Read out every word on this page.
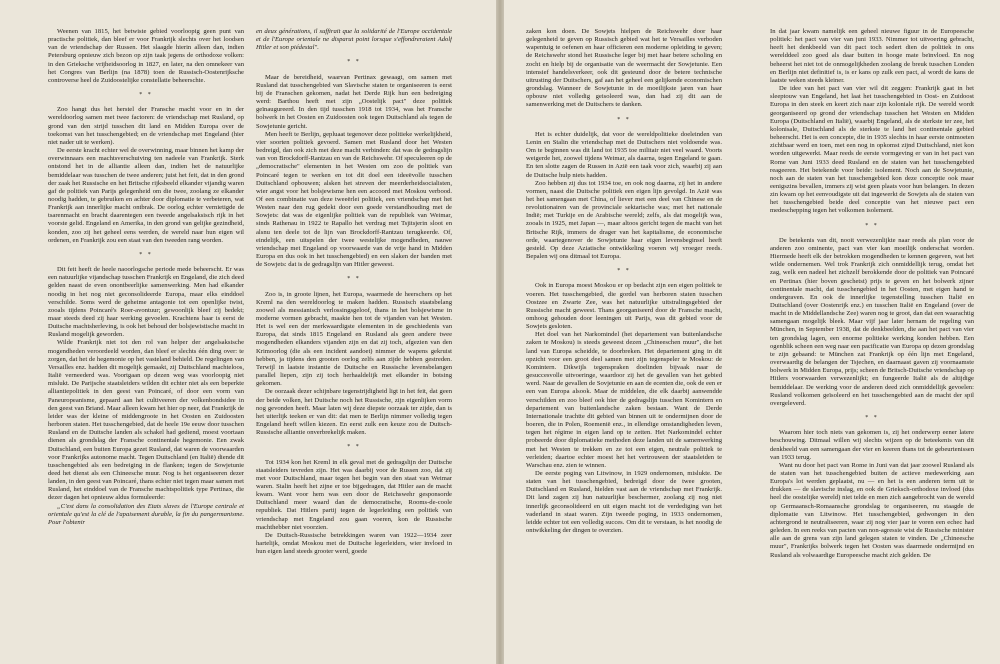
Weenen van 1815, het betwiste gebied voorloopig geen punt van practische politiek, dan bleef er voor Frankrijk slechts over het loodsen van de vriendschap der Russen. Het slaagde hierin alleen dan, indien Petersburg opnieuw zich bezon op zijn taak jegens de orthodoxe volken: in den Grieksche vrijheidsoorlog in 1827, en later, na den omnekeer van het Congres van Berlijn (na 1878) toen de Russisch-Oostenrijksche controverse heel de Zuidoostelijke constellatie beheerschte.

* *

Zoo hangt dus het herstel der Fransche macht voor en in der wereldoorlog samen met twee factoren: de vriendschap met Rusland, op grond van den strijd tusschen dit land en Midden Europa over de toekomst van het tusschengebied; en de vriendschap met Engeland (hier niet nader uit te werken).

De eerste kracht echter wel de overwinning, maar binnen het kamp der overwinnaars een machtsverschuiving ten nadeele van Frankrijk. Sterk ontstond het in de alliantie alleen dan, indien het de natuurlijke bemiddelaar was tusschen de twee anderen; juist het feit, dat in den grond der zaak het Russische en het Britsche rijksbeeld elkander vijandig waren gaf de politiek van Parijs gelegenheid om die twee, zoolang ze elkander noodig hadden, te gebruiken en achter door diplomatie te verbeteren, wat Frankrijk aan innerlijke macht ontbrak. De oorlog echter vernietigde de tsarenmacht en bracht daarentegen een tweede angelsaksisch rijk in het voorste gelid. Engeland en Amerika, in den grond van gelijke gezindheid, konden, zoo zij het geheel eens werden, de wereld naar hun eigen wil ordenen, en Frankrijk zou een staat van den tweeden rang worden.

* *

Dit feit heeft de heele naoorlogsche periode mede beheerscht. Er was een natuurlijke vijandschap tusschen Frankrijk en Engeland, die zich deed gelden naast de even onontbeerlijke samenwerking. Men had elkander noodig in het nog niet geconsolideerde Europa, maar elks einddoel verschilde. Soms werd de geheime antagonie tot een openlijke twist, zooals tijdens Poincaré's Roer-avontuur; gewoonlijk bleef zij bedekt; maar steeds deed zij haar werking gevoelen. Krachtens haar is eerst de Duitsche machtsherleving, is ook het behoud der bolsjewistische macht in Rusland mogelijk geworden.

Wilde Frankrijk niet tot den rol van helper der angelsaksische mogendheden veroordeeld worden, dan bleef er slechts één ding over: te zorgen, dat het de hegemonie op het vasteland behield. De regelingen van Versailles enz. hadden dit mogelijk gemaakt, zij Duitschland machteloos, Italië verneederd was. Voortgaan op dezen weg was voorloopig niet mislukt. De Parijsche staatsleiders wilden dit echter niet als een beperkte alliantiepolitiek in den geest van Poincaré, of door een vorm van Paneuropeanisme, gepaard aan het cultiveeren der volkenbondsidee in den geest van Briand. Maar alleen kwam het hier op neer, dat Frankrijk de leider was der kleine of middengroote in het Oosten en Zuidoosten herboren staten. Het tusschengebied, dat de heele 19e eeuw door tusschen Rusland en de Duitsche landen als schakel had gediend, moest voortaan dienen als grondslag der Fransche continentale hegemonie. Een zwak Duitschland, een buiten Europa gezet Rusland, dat waren de voorwaarden voor Frankrijks autonome macht. Tegen Duitschland (en Italië) diende dit tusschengebied als een bedreiging in de flanken; tegen de Sowjetunie deed het dienst als een Chineesche muur. Nog is het organiseeren dezer landen, in den geest van Poincaré, thans echter niet tegen maar samen met Rusland, het einddoel van de Fransche machtspolitiek type Pertinax, die dezer dagen het opnieuw aldus formuleerde:

„C'est dans la consolidation des Etats slaves de l'Europe centrale et orientale qu'est la clé de l'apaisement durable, la fin du pangermanisme. Pour l'obtenir

en deux générations, il suffirait que la solidarité de l'Europe occidentale et de l'Europe orientale ne disparut point lorsque s'effondreraient Adolf Hitler et son piédestal".

* *

Maar de bereidheid, waarvan Pertinax gewaagt, om samen met Rusland dat tusschengebied van Slavische staten te organiseeren is eerst bij de Franschen gekomen, nadat het Derde Rijk hun een bedreiging werd: Barthou heeft met zijn „Oostelijk pact" deze politiek geïnaugureerd. In den tijd tusschen 1918 tot 1934, was het Fransche bolwerk in het Oosten en Zuidoosten ook tegen Duitschland als tegen de Sowjetunie gericht.

Men heeft te Berlijn, gepluaat tegenover deze politieke werkelijkheid, vier soorten politiek gevoerd. Samen met Rusland door het Westen bedreigd, dan ook zich met deze macht verbinden: dat was de gedragslijn van von Brockdorff-Rantzau en van de Reichswehr. Of speculeeren op de „democratische" elementen in het Westen om zoo de politiek van Poincaré tegen te werken en tot dit doel een ideeëvolle tusschen Duitschland opbouwen; alsken het streven der meerderheidsocialisten, wier angst voor het bolsjewisme hen een accoord met Moskou verbood. Of een combinatie van deze tweeërlei politiek, een vriendschap met het Westen naar den rug gedekt door een goede verstandhouding met de Sowjets: dat was de eigenlijke politiek van de republiek van Weimar, sinds Rathenau in 1922 te Rapallo het verdrag met Tsjitsjerin sloot en alsnu ten deele tot de lijn van Brockdorff-Rantzau terugkeerde. Of, eindelijk, een uitspelen der twee westelijke mogendheden, nauwe vriendschap met Engeland op voorwaarde van de vrije hand in Midden Europa en dus ook in het tusschengebied) en een slaken der banden met de Sowjets: dat is de gedragslijn van Hitler geweest.

* *

Zoo is, in groote lijnen, het Europa, waarmede de heerschers op het Kreml na den wereldoorlog te maken hadden. Russisch staatsbelang zoowel als messianisch verlossingsgeloof, thans in het bolsjewisme in moderne vormen gebracht, maakte hen tot de vijanden van het Westen. Het is wel een der merkwaardigste elementen in de geschiedenis van Europa, dat sinds 1815 Engeland en Rusland als geen andere twee mogendheden elkanders vijanden zijn en dat zij toch, afgezien van den Krimoorlog (die als een incident aandoet) nimmer de wapens gekruist hebben, ja tijdens den grooten oorlog zelfs aan zijde hebben gestreden. Terwijl in laatste instantie de Duitsche en Russische levensbelangen parallel liepen, zijn zij toch herhaaldelijk met elkander in botsing gekomen.

De oorzaak dezer schijnbare tegenstrijdigheid ligt in het feit, dat geen der beide volken, het Duitsche noch het Russische, zijn eigenlijken vorm nog gevonden heeft. Maar laten wij deze diepste oorzaak ter zijde, dan is het uiterlijk teeken er van dit: dat men te Berlijn nimmer volledig tegen Engeland heeft willen kiezen. En eerst zulk een keuze zou de Duitsch-Russische alliantie onverbrekelijk maken.

* *

Tot 1934 kon het Kreml in elk geval met de gedragslijn der Duitsche staatsleiders tevreden zijn. Het was daarbij voor de Russen zoo, dat zij met voor Duitschland, maar tegen het begin van den staat van Weimar waren. Stalin heeft het zijne er toe bijgedragen, dat Hitler aan de macht kwam. Want voor hem was een door de Reichswehr gesponsorde Duitschland meer waard dan de democratische, Rooms-de-coole republiek. Dat Hitlers partij tegen de legerleiding een politiek van vriendschap met Engeland zou gaan voeren, kon de Russische machthebber niet voorzien.

De Duitsch-Russische betrekkingen waren van 1922—1934 zeer hartelijk, omdat Moskou met de Duitsche legerleiders, wier invloed in hun eigen land steeds grooter werd, goede

zaken kon doen. De Sowjets hielpen de Reichswehr door haar gelegenheid te geven op Russisch gebied wat het te Versailles verboden wapentuig te oefenen en haar officieren een moderne opleiding te geven; de Reichswehr stond het Russische leger bij met haar betere scholing en zocht en hielp bij de organisatie van de weermacht der Sowjetunie. Een intensief handelsverkeer, ook dit gesteund door de betere technische uitrusting der Duitschers, gaf aan het geheel een gelijkende economischen grondslag. Wanneer de Sowjetunie in de moeilijkste jaren van haar opbouw niet volledig geisoleerd was, dan had zij dit aan de samenwerking met de Duitschers te danken.

* *

Het is echter duidelijk, dat voor de wereldpolitieke doeleinden van Lenin en Stalin die vriendschap met de Duitschers niet voldoende was. Om te beginnen was dit land tot 1935 toe militair niet veel waard. Voorts weigerde het, zoowel tijdens Weimar, als daarna, tegen Engeland te gaan. En ten slotte zagen de Russen in Azië een taak voor zich, waarbij zij aan de Duitsche hulp niets hadden.

Zoo hebben zij dus tot 1934 toe, en ook nog daarna, zij het in andere vormen, naast die Duitsche politiek een eigen lijn gevolgd. In Azië was het het samengaan met China, of liever met een deel van Chinese en de revolutionairen van de provinciale sektarische was; met het nationale Indië; met Turkije en de Arabische wereld; zelfs, als dat mogelijk was, zooals in 1925, met Japan —, maar altoos gericht tegen de macht van het Britsche Rijk, immers de drager van het kapitalisme, de economische orde, waartegenover de Sowjetunie haar eigen levensbeginsel heeft gesteld. Op deze Aziatische ontwikkeling voeren wij vroeger reeds. Bepalen wij ons ditmaal tot Europa.

* *

Ook in Europa moest Moskou er op bedacht zijn een eigen politiek te voeren. Het tusschengebied, die gordel van herboren staten tusschen Oostzee en Zwarte Zee, was het natuurlijke uitstralingsgebied der Russische macht geweest. Thans georganiseerd door de Fransche macht, omhoog gehouden door leeningen uit Parijs, was dit gebied voor de Sowjets gesloten.

Het doel van het Narkomindel (het departement van buitenlandsche zaken te Moskou) is steeds geweest dezen „Chineeschen muur", die het land van Europa scheidde, te doorbreken. Het departement ging in dit opzicht voor een groot deel samen met zijn tegenspeler te Moskou: de Komintern. Dikwijls tegenspraken doelinden bijvaak naar de gesuccesvolle uitvoeringe, waardoor zij het de gevallen van het gebied werd. Naar de gevallen de Sovjetunie en aan de ecenten die, ook de een er een van Europa alsook. Maar de middelen, die elk daarbij aanwendde verschilden en zoo bleef ook hier de gedragslijn tusschen Komintern en departement van buitenlandsche zaken bestaan. Want de Derde Internationale trachtte dit gebied van binnen uit te ondermijnen door de boeren, die in Polen, Roemenië enz., in ellendige omstandigheden leven, tegen het régime in eigen land op te zetten. Het Narkomindel echter probeerde door diplomatieke methoden deze landen uit de samenwerking met het Westen te trekken en ze tot een eigen, neutrale politiek te verleiden; daartoe echter moest het het vertrouwen der staatsleiden te Warschau enz. zien te winnen.

De eerste poging van Litwinow, in 1929 ondernomen, mislukte. De staten van het tusschengebied, bedreigd door de twee grooten, Duitschland en Rusland, hielden vast aan de vriendschap met Frankrijk. Dit land zagen zij hun natuurlijke beschermer, zoolang zij nog niet innerlijk geconsolideerd en uit eigen macht tot de verdediging van het vaderland in staat waren. Zijn tweede poging, in 1933 ondernomen, leidde echter tot een volledig succes. Om dit te verstaan, is het noodig de ontwikkeling der dingen te overzien.

In dat jaar kwam namelijk een geheel nieuwe figuur in de Europeesche politiek: het pact van vier van juni 1933. Nimmer tot uitvoering gebracht, heeft het denkbeeld van dit pact toch sedert dien de politiek in ons werelddeel zoo goed als daar buiten in hooge mate beïnvloed. En nog beheerst het niet tot de onmogelijkheden zoolang de breuk tusschen Londen en Berlijn niet definitief is, is er kans op zulk een pact, al wordt de kans de laatste weken steeds kleiner.

De idee van het pact van vier wil dit zeggen: Frankrijk gaat in het sleeptouw van Engeland, het laat het tusschengebied in Oost- en Zuidoost Europa in den steek en keert zich naar zijn koloniale rijk. De wereld wordt georganiseerd op grond der vriendschap tusschen het Westen en Midden Europa (Duitschland en Italië), waarbij Engeland, als de sterkste ter zee, het kolonisale, Duitschland als de sterkste te land het continentale gebied beheerscht. Het is een concepte, die in 1935 slechts in haar eerste ontmoeten zichtbaar werd en toen, met een nog in opkomst zijnd Duitschland, niet kon worden uitgewerkt. Maar reeds de eerste vormgeving er van in het pact van Rome van Juni 1933 deed Rusland en de staten van het tusschengebied reageeren. Het betekende voor beide: isolement. Noch aan de Sowjetunie, noch aan de staten van het tusschengebied kon deze conceptie ook maar eenigszins bevallen, immers zij wist geen plaats voor hun belangen. In dezen zin kwam op het eenvoudigste uit dat ingewerkt de Sowjets als de staten van het tusschengebied beide deel conceptie van het nieuwe pact een medeschepping tegen het volkomen isolement.

* *

De betekenis van dit, nooit verwezenlijkte naar reeds als plan voor de anderen zoo ominente, pact van vier kan moeilijk onderschat worden. Hiermede heeft elk der betrokken mogendheden te kennen gegeven, wat het wilde ondernemen. Wel trok Frankrijk zich onmiddellijk terug, omdat het zag, welk een nadeel het zichzelf berokkende door de politiek van Poincaré en Pertinax (hier boven geschetst) prijs te geven en het bolwerk zijner continentale macht, dat tusschengebied in het Oosten, met eigen hand te ondergraven. En ook de innerlijke tegenstelling tusschen Italië en Duitschland (over Oostenrijk enz.) en tusschen Italië en Engeland (over de macht in de Middellandsche Zee) waren nog te groot, dan dat een waarachtig samengaan mogelijk bleek. Maar vijf jaar later hernam de regeling van München, in September 1938, dat de denkbeelden, die aan het pact van vier ten grondslag lagen, een enorme politieke werking konden hebben. Een ogenblik scheen een weg naar een pacificatie van Europa op dezen grondslag te zijn gebaand: te München zat Frankrijk op één lijn met Engeland, overwaardig de belangen der Tsjechen, en daarnaast gaven zij voornaamste bolwerk in Midden Europa, prijs; scheen de Britsch-Duitsche vriendschap op Hitlers voorwaarden verwezenlijkt; en fungeerde Italië als de altijdige bemiddelaar. De werking voor de anderen deed zich onmiddellijk gevoelen: Rusland volkomen geïsoleerd en het tusschengebied aan de macht der spil overgeleverd.

* *

Waarom hier toch niets van gekomen is, zij het onderwerp eener latere beschouwing. Ditmaal willen wij slechts wijzen op de beteekenis van dit denkbeeld van een samengaan der vier en keeren thans tot de gebeurtenissen van 1933 terug.

Want nu door het pact van Rome in Juni van dat jaar zoowel Rusland als de staten van het tusschengebied buiten de actieve medewerking aan Europa's lot werden geplaatst, nu — en het is een anderen term uit te drukken — de slavische inslag, en ook de Grieksch-orthodoxe invloed (dus heel die oostelijke wereld) niet telde en men zich aangebrocht van de wereld op Germaansch-Romaansche grondslag te organiseeren, nu staagde de diplomatie van Litwinow. Het tusschengebied, gedwongen in den achtergrond te neutraliseeren, waar zij nog vier jaar te voren een echec had geleden. In een reeks van pacten van non-agressie wist de Russische minister alle aan de grens van zijn land gelegen staten te vinden. De „Chineesche muur", Frankrijks bolwerk tegen het Oosten was daarmede ondermijnd en Rusland als volwaardige Europeesche macht zich gelden. De
